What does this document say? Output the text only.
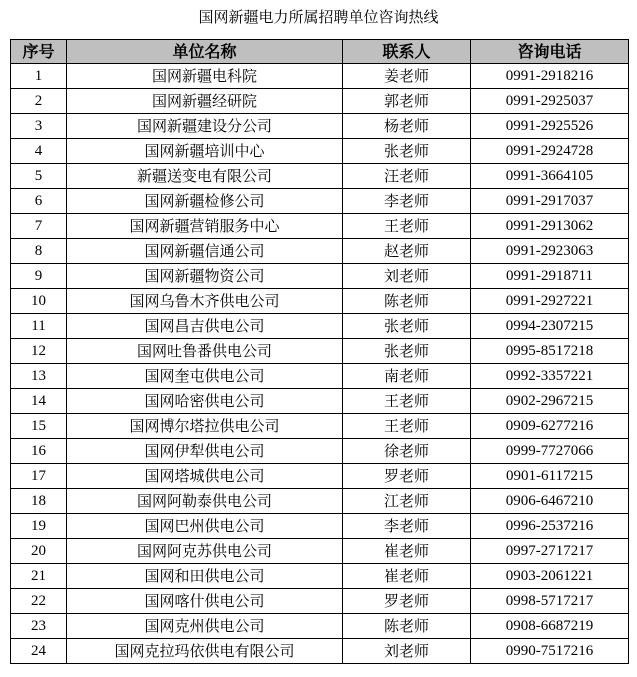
国网新疆电力所属招聘单位咨询热线
序号	单位名称	联系人	咨询电话
1	国网新疆电科院	姜老师	0991-2918216
2	国网新疆经研院	郭老师	0991-2925037
3	国网新疆建设分公司	杨老师	0991-2925526
4	国网新疆培训中心	张老师	0991-2924728
5	新疆送变电有限公司	汪老师	0991-3664105
6	国网新疆检修公司	李老师	0991-2917037
7	国网新疆营销服务中心	王老师	0991-2913062
8	国网新疆信通公司	赵老师	0991-2923063
9	国网新疆物资公司	刘老师	0991-2918711
10	国网乌鲁木齐供电公司	陈老师	0991-2927221
11	国网昌吉供电公司	张老师	0994-2307215
12	国网吐鲁番供电公司	张老师	0995-8517218
13	国网奎屯供电公司	南老师	0992-3357221
14	国网哈密供电公司	王老师	0902-2967215
15	国网博尔塔拉供电公司	王老师	0909-6277216
16	国网伊犁供电公司	徐老师	0999-7727066
17	国网塔城供电公司	罗老师	0901-6117215
18	国网阿勒泰供电公司	江老师	0906-6467210
19	国网巴州供电公司	李老师	0996-2537216
20	国网阿克苏供电公司	崔老师	0997-2717217
21	国网和田供电公司	崔老师	0903-2061221
22	国网喀什供电公司	罗老师	0998-5717217
23	国网克州供电公司	陈老师	0908-6687219
24	国网克拉玛依供电有限公司	刘老师	0990-7517216
